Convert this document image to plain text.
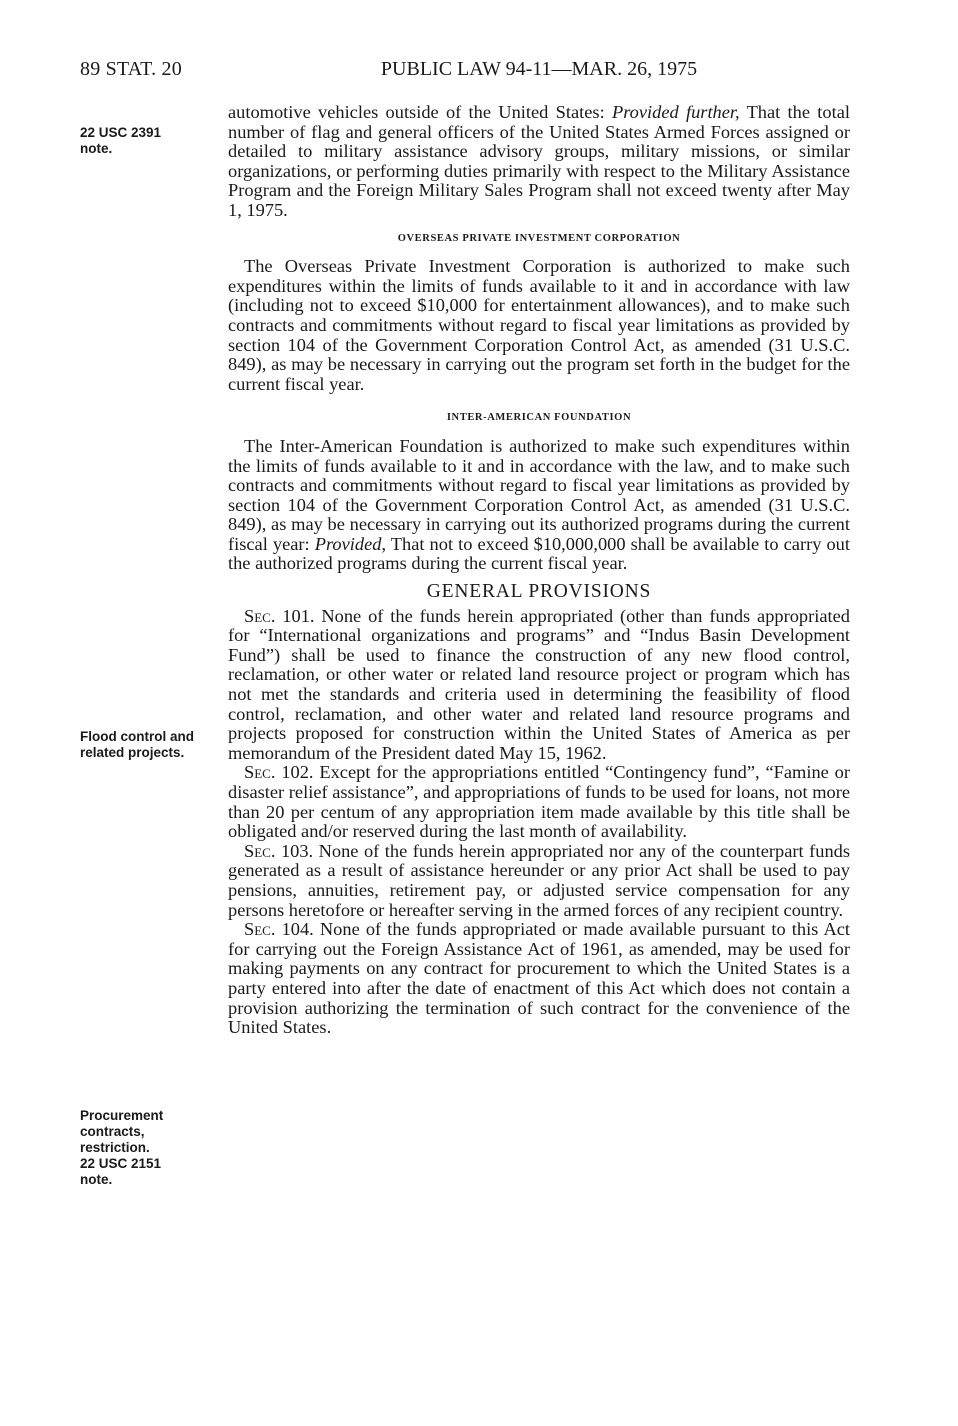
89 STAT. 20	PUBLIC LAW 94-11—MAR. 26, 1975
22 USC 2391
note.
Flood control and
related projects.
Procurement
contracts,
restriction.
22 USC 2151
note.

automotive vehicles outside of the United States: Provided further, That the total number of flag and general officers of the United States Armed Forces assigned or detailed to military assistance advisory groups, military missions, or similar organizations, or performing duties primarily with respect to the Military Assistance Program and the Foreign Military Sales Program shall not exceed twenty after May 1, 1975.

OVERSEAS PRIVATE INVESTMENT CORPORATION

The Overseas Private Investment Corporation is authorized to make such expenditures within the limits of funds available to it and in accordance with law (including not to exceed $10,000 for entertainment allowances), and to make such contracts and commitments without regard to fiscal year limitations as provided by section 104 of the Government Corporation Control Act, as amended (31 U.S.C. 849), as may be necessary in carrying out the program set forth in the budget for the current fiscal year.

INTER-AMERICAN FOUNDATION

The Inter-American Foundation is authorized to make such expenditures within the limits of funds available to it and in accordance with the law, and to make such contracts and commitments without regard to fiscal year limitations as provided by section 104 of the Government Corporation Control Act, as amended (31 U.S.C. 849), as may be necessary in carrying out its authorized programs during the current fiscal year: Provided, That not to exceed $10,000,000 shall be available to carry out the authorized programs during the current fiscal year.

GENERAL PROVISIONS

Sec. 101. None of the funds herein appropriated (other than funds appropriated for “International organizations and programs” and “Indus Basin Development Fund”) shall be used to finance the construction of any new flood control, reclamation, or other water or related land resource project or program which has not met the standards and criteria used in determining the feasibility of flood control, reclamation, and other water and related land resource programs and projects proposed for construction within the United States of America as per memorandum of the President dated May 15, 1962.

Sec. 102. Except for the appropriations entitled “Contingency fund”, “Famine or disaster relief assistance”, and appropriations of funds to be used for loans, not more than 20 per centum of any appropriation item made available by this title shall be obligated and/or reserved during the last month of availability.

Sec. 103. None of the funds herein appropriated nor any of the counterpart funds generated as a result of assistance hereunder or any prior Act shall be used to pay pensions, annuities, retirement pay, or adjusted service compensation for any persons heretofore or hereafter serving in the armed forces of any recipient country.

Sec. 104. None of the funds appropriated or made available pursuant to this Act for carrying out the Foreign Assistance Act of 1961, as amended, may be used for making payments on any contract for procurement to which the United States is a party entered into after the date of enactment of this Act which does not contain a provision authorizing the termination of such contract for the convenience of the United States.
